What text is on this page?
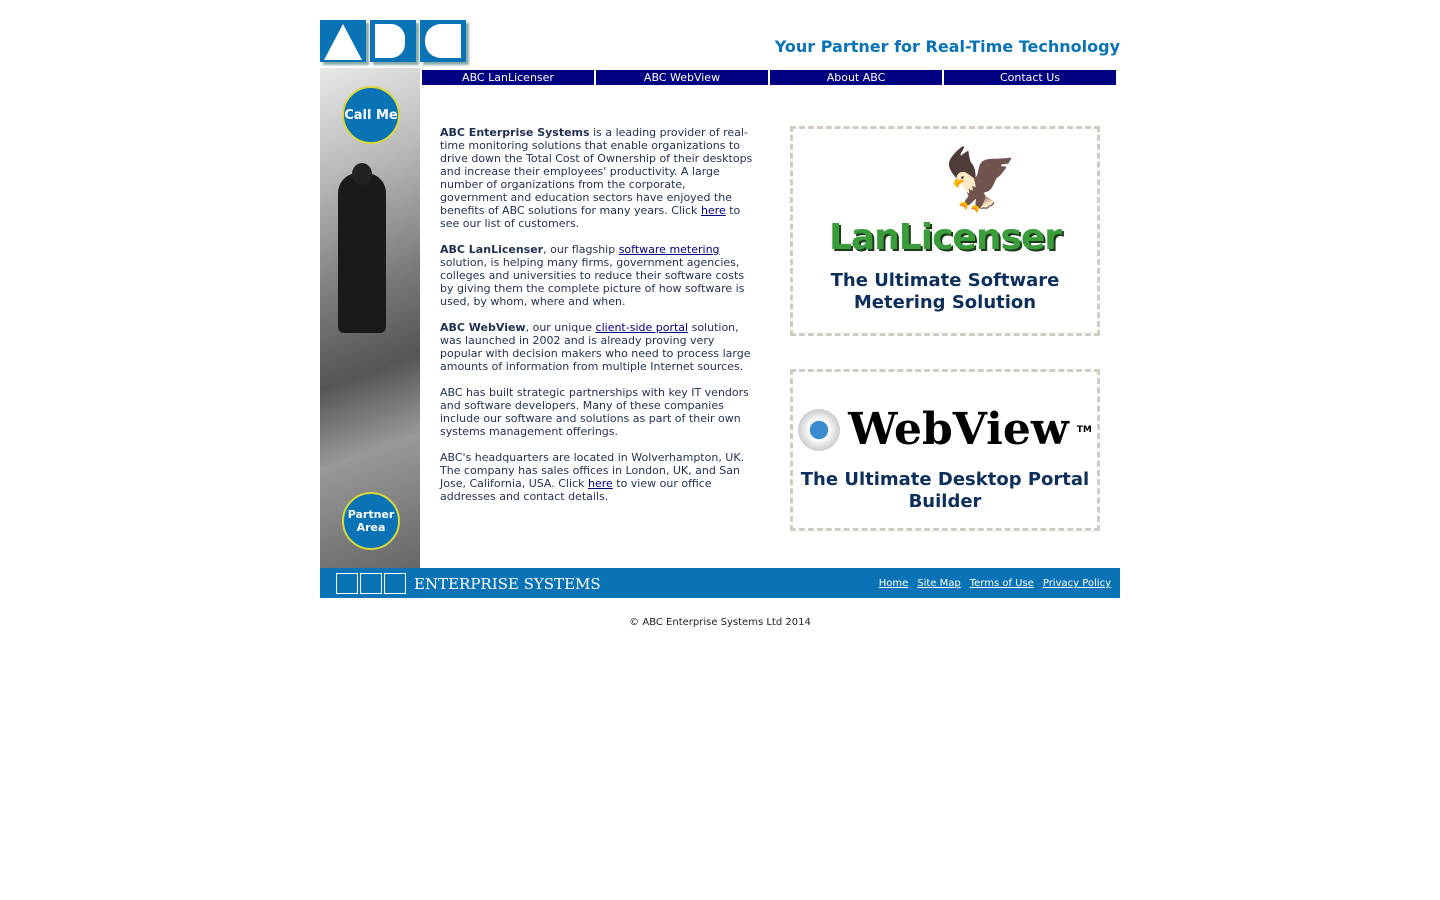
Your Partner for Real-Time Technology
Call Me
Partner Area
ABC LanLicenser	ABC WebView	About ABC	Contact Us

ABC Enterprise Systems is a leading provider of real-time monitoring solutions that enable organizations to drive down the Total Cost of Ownership of their desktops and increase their employees' productivity. A large number of organizations from the corporate, government and education sectors have enjoyed the benefits of ABC solutions for many years. Click here to see our list of customers.

ABC LanLicenser, our flagship software metering solution, is helping many firms, government agencies, colleges and universities to reduce their software costs by giving them the complete picture of how software is used, by whom, where and when.

ABC WebView, our unique client-side portal solution, was launched in 2002 and is already proving very popular with decision makers who need to process large amounts of information from multiple Internet sources.

ABC has built strategic partnerships with key IT vendors and software developers. Many of these companies include our software and solutions as part of their own systems management offerings.

ABC's headquarters are located in Wolverhampton, UK. The company has sales offices in London, UK, and San Jose, California, USA. Click here to view our office addresses and contact details.

🦅
LanLicenser
The Ultimate Software Metering Solution
WebView TM
The Ultimate Desktop Portal Builder
ENTERPRISE SYSTEMS	Home Site Map Terms of Use Privacy Policy
© ABC Enterprise Systems Ltd 2014
